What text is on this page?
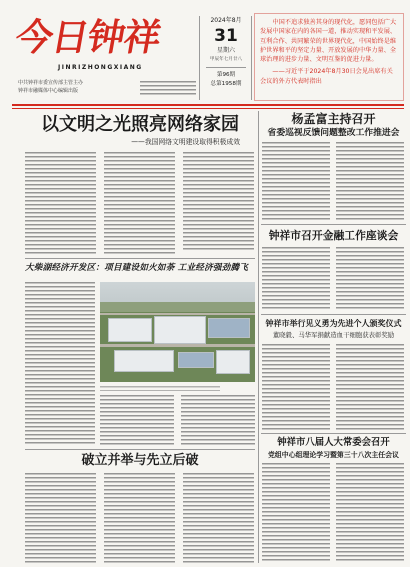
今日钟祥
JINRIZHONGXIANG
中共钟祥市委宣传部主管主办
钟祥市融媒体中心编辑出版
2024年8月
31
星期六
甲辰年七月廿八
第96期
总第1958期
中国不追求独善其身的现代化，愿同包括广大发展中国家在内的各国一道，推动实现和平发展、互利合作、共同繁荣的世界现代化，中国始终是维护世界和平的坚定力量、开放发展的中华力量、全球治理的进步力量、文明互鉴的促进力量。
——习近平于2024年8月30日会见出席有关会议的外方代表时指出
以文明之光照亮网络家园
——我国网络文明建设取得积极成效
杨孟富主持召开
省委巡视反馈问题整改工作推进会
钟祥市召开金融工作座谈会
钟祥市举行见义勇为先进个人颁奖仪式
董晓毅、马华军捐献造血干细胞获表彰奖励
钟祥市八届人大常委会召开
党组中心组理论学习暨第三十八次主任会议
大柴湖经济开发区：项目建设如火如荼 工业经济强劲腾飞
破立并举与先立后破
